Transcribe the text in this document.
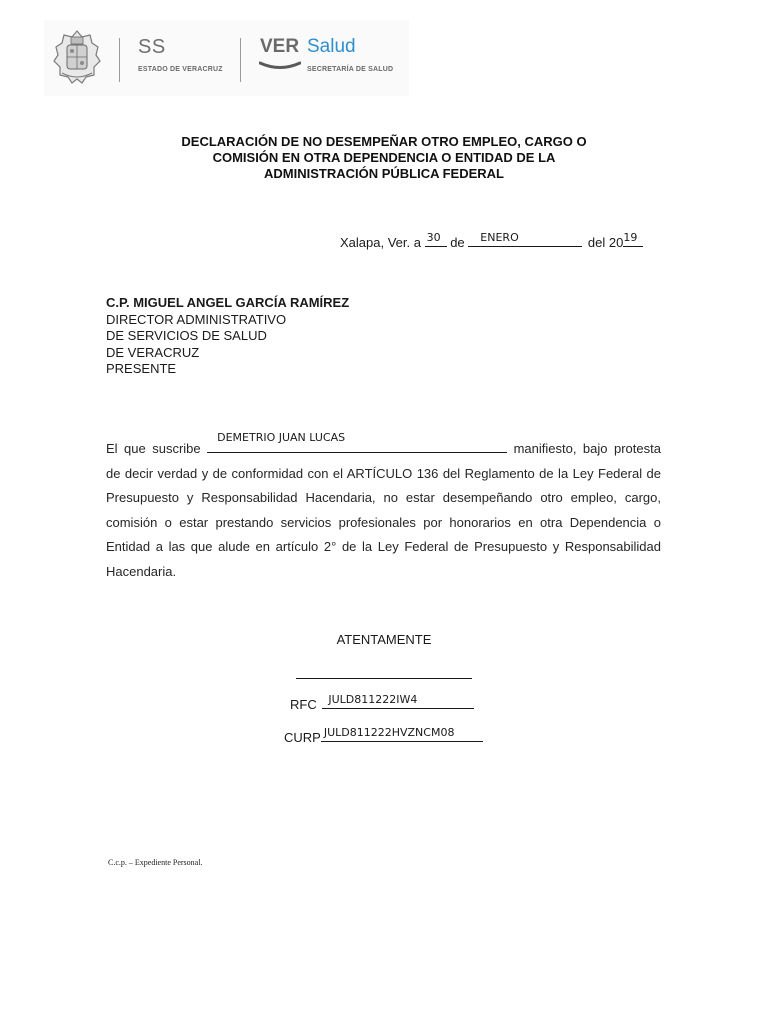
SS
ESTADO DE VERACRUZ
VER Salud
SECRETARÍA DE SALUD
DECLARACIÓN DE NO DESEMPEÑAR OTRO EMPLEO, CARGO O
COMISIÓN EN OTRA DEPENDENCIA O ENTIDAD DE LA
ADMINISTRACIÓN PÚBLICA FEDERAL
Xalapa, Ver. a 30 de ENERO	del 20 19
C.P. MIGUEL ANGEL GARCÍA RAMÍREZ
DIRECTOR ADMINISTRATIVO
DE SERVICIOS DE SALUD
DE VERACRUZ
PRESENTE
El que suscribe
DEMETRIO JUAN LUCAS
manifiesto, bajo protesta de decir verdad y de conformidad con el ARTÍCULO 136 del Reglamento de la Ley Federal de Presupuesto y Responsabilidad Hacendaria, no estar desempeñando otro empleo, cargo, comisión o estar prestando servicios profesionales por honorarios en otra Dependencia o Entidad a las que alude en artículo 2° de la Ley Federal de Presupuesto y Responsabilidad Hacendaria.
ATENTAMENTE
RFC JULD811222IW4
CURP JULD811222HVZNCM08
C.c.p. – Expediente Personal.
